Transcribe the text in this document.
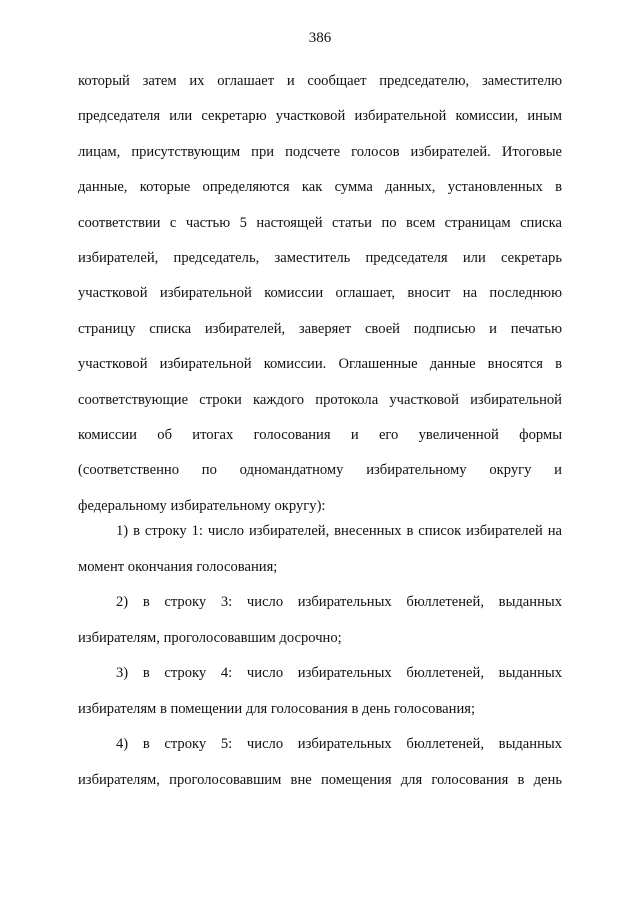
386
который затем их оглашает и сообщает председателю, заместителю
председателя или секретарю участковой избирательной комиссии, иным
лицам, присутствующим при подсчете голосов избирателей. Итоговые
данные, которые определяются как сумма данных, установленных в
соответствии с частью 5 настоящей статьи по всем страницам списка
избирателей, председатель, заместитель председателя или секретарь
участковой избирательной комиссии оглашает, вносит на последнюю
страницу списка избирателей, заверяет своей подписью и печатью
участковой избирательной комиссии. Оглашенные данные вносятся в
соответствующие строки каждого протокола участковой избирательной
комиссии об итогах голосования и его увеличенной формы
(соответственно по одномандатному избирательному округу и
федеральному избирательному округу):
1) в строку 1: число избирателей, внесенных в список избирателей на
момент окончания голосования;
2) в строку 3: число избирательных бюллетеней, выданных
избирателям, проголосовавшим досрочно;
3) в строку 4: число избирательных бюллетеней, выданных
избирателям в помещении для голосования в день голосования;
4) в строку 5: число избирательных бюллетеней, выданных
избирателям, проголосовавшим вне помещения для голосования в день
